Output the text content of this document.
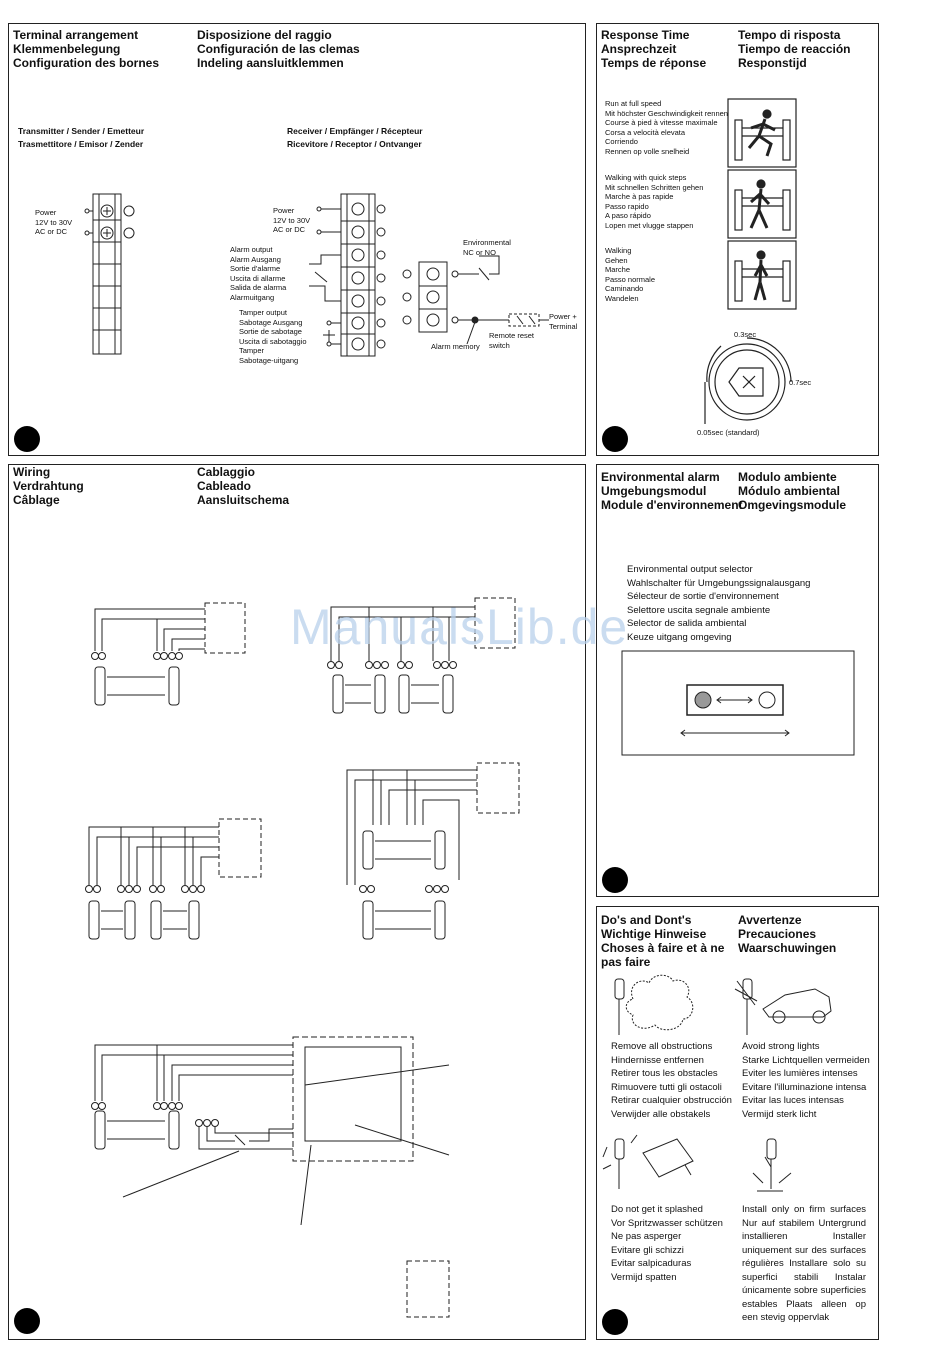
Terminal arrangement
Klemmenbelegung
Configuration des bornes
Disposizione del raggio
Configuración de las clemas
Indeling aansluitklemmen
Transmitter / Sender / Emetteur
Trasmettitore / Emisor / Zender
Receiver / Empfänger / Récepteur
Ricevitore / Receptor / Ontvanger
Power
12V to 30V
AC or DC
Power
12V to 30V
AC or DC
Alarm output
Alarm Ausgang
Sortie d'alarme
Uscita di allarme
Salida de alarma
Alarmuitgang
Tamper output
Sabotage Ausgang
Sortie de sabotage
Uscita di sabotaggio
Tamper
Sabotage-uitgang
Environmental
NC or NO
Power +
Terminal
Remote reset
switch
Alarm memory
Response Time
Ansprechzeit
Temps de réponse
Tempo di risposta
Tiempo de reacción
Responstijd
Run at full speed
Mit höchster Geschwindigkeit rennen
Course à pied à vitesse maximale
Corsa a velocità elevata
Corriendo
Rennen op volle snelheid
Walking with quick steps
Mit schnellen Schritten gehen
Marche à pas rapide
Passo rapido
A paso rápido
Lopen met vlugge stappen
Walking
Gehen
Marche
Passo normale
Caminando
Wandelen
0.3sec
0.7sec
0.05sec (standard)
Wiring
Verdrahtung
Câblage
Cablaggio
Cableado
Aansluitschema
Environmental alarm
Umgebungsmodul
Module d'environnement
Modulo ambiente
Módulo ambiental
Omgevingsmodule
Environmental output selector
Wahlschalter für Umgebungssignalausgang
Sélecteur de sortie d'environnement
Selettore uscita segnale ambiente
Selector de salida ambiental
Keuze uitgang omgeving
Do's and Dont's
Wichtige Hinweise
Choses à faire et à ne
pas faire
Avvertenze
Precauciones
Waarschuwingen
Remove all obstructions
Hindernisse entfernen
Retirer tous les obstacles
Rimuovere tutti gli ostacoli
Retirar cualquier obstrucción
Verwijder alle obstakels
Avoid strong lights
Starke Lichtquellen vermeiden
Eviter les lumières intenses
Evitare l'illuminazione intensa
Evitar las luces intensas
Vermijd sterk licht
Do not get it splashed
Vor Spritzwasser schützen
Ne pas asperger
Evitare gli schizzi
Evitar salpicaduras
Vermijd spatten
Install only on firm surfaces Nur auf stabilem Untergrund installieren Installer uniquement sur des surfaces régulières Installare solo su superfici stabili Instalar únicamente sobre superficies estables Plaats alleen op een stevig oppervlak
ManualsLib.de
